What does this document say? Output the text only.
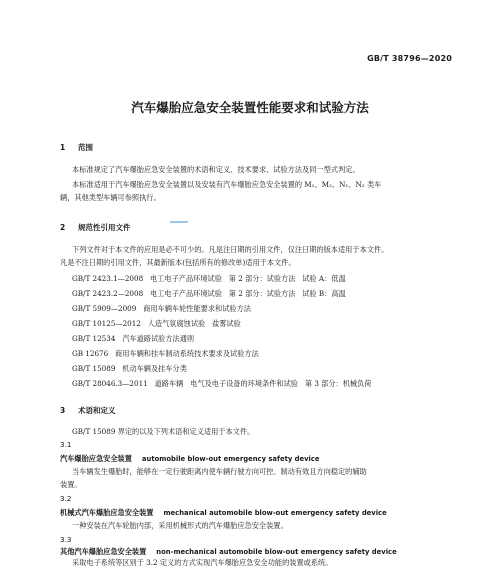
GB/T 38796—2020
汽车爆胎应急安全装置性能要求和试验方法
1 范围
本标准规定了汽车爆胎应急安全装置的术语和定义、技术要求、试验方法及同一型式判定。
本标准适用于汽车爆胎应急安全装置以及安装有汽车爆胎应急安全装置的 M₁、M₂、N₁、N₂ 类车
辆，其他类型车辆可参照执行。
2 规范性引用文件
下列文件对于本文件的应用是必不可少的。凡是注日期的引用文件，仅注日期的版本适用于本文件。
凡是不注日期的引用文件，其最新版本(包括所有的修改单)适用于本文件。
GB/T 2423.1—2008   电工电子产品环境试验   第 2 部分：试验方法   试验 A：低温
GB/T 2423.2—2008   电工电子产品环境试验   第 2 部分：试验方法   试验 B：高温
GB/T 5909—2009   商用车辆车轮性能要求和试验方法
GB/T 10125—2012   人造气氛腐蚀试验   盐雾试验
GB/T 12534   汽车道路试验方法通则
GB 12676   商用车辆和挂车制动系统技术要求及试验方法
GB/T 15089   机动车辆及挂车分类
GB/T 28046.3—2011   道路车辆   电气及电子设备的环境条件和试验   第 3 部分：机械负荷
3 术语和定义
GB/T 15089 界定的以及下列术语和定义适用于本文件。
3.1
汽车爆胎应急安全装置 automobile blow-out emergency safety device
当车辆发生爆胎时，能够在一定行驶距离内使车辆行驶方向可控、制动有效且方向稳定的辅助
装置。
3.2
机械式汽车爆胎应急安全装置 mechanical automobile blow-out emergency safety device
一种安装在汽车轮胎内部，采用机械形式的汽车爆胎应急安全装置。
3.3
其他汽车爆胎应急安全装置 non-mechanical automobile blow-out emergency safety device
采取电子系统等区别于 3.2 定义的方式实现汽车爆胎应急安全功能的装置或系统。
